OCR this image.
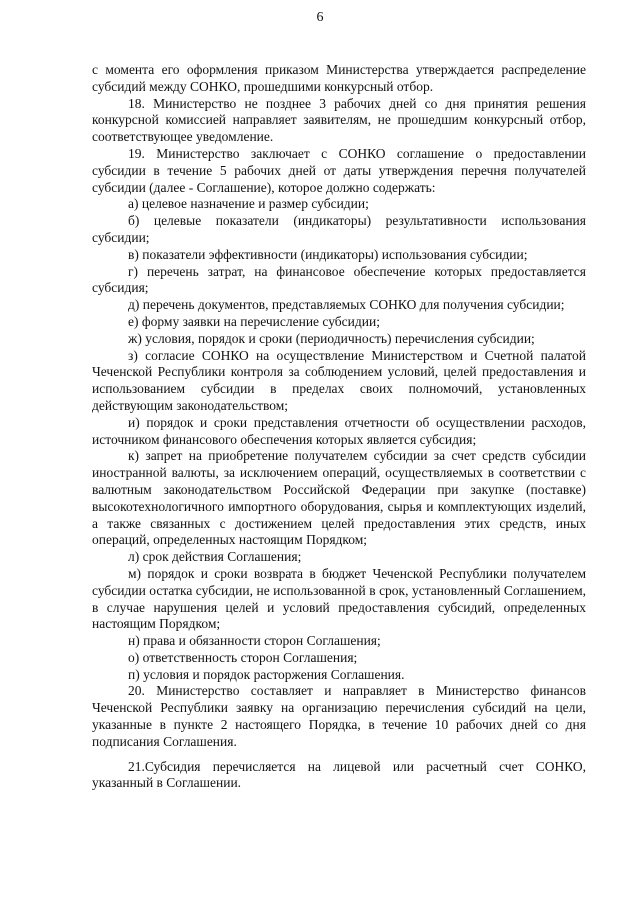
6

с момента его оформления приказом Министерства утверждается распределение субсидий между СОНКО, прошедшими конкурсный отбор.

18. Министерство не позднее 3 рабочих дней со дня принятия решения конкурсной комиссией направляет заявителям, не прошедшим конкурсный отбор, соответствующее уведомление.

19. Министерство заключает с СОНКО соглашение о предоставлении субсидии в течение 5 рабочих дней от даты утверждения перечня получателей субсидии (далее - Соглашение), которое должно содержать:

а) целевое назначение и размер субсидии;

б) целевые показатели (индикаторы) результативности использования субсидии;

в) показатели эффективности (индикаторы) использования субсидии;

г) перечень затрат, на финансовое обеспечение которых предоставляется субсидия;

д) перечень документов, представляемых СОНКО для получения субсидии;

е) форму заявки на перечисление субсидии;

ж) условия, порядок и сроки (периодичность) перечисления субсидии;

з) согласие СОНКО на осуществление Министерством и Счетной палатой Чеченской Республики контроля за соблюдением условий, целей предоставления и использованием субсидии в пределах своих полномочий, установленных действующим законодательством;

и) порядок и сроки представления отчетности об осуществлении расходов, источником финансового обеспечения которых является субсидия;

к) запрет на приобретение получателем субсидии за счет средств субсидии иностранной валюты, за исключением операций, осуществляемых в соответствии с валютным законодательством Российской Федерации при закупке (поставке) высокотехнологичного импортного оборудования, сырья и комплектующих изделий, а также связанных с достижением целей предоставления этих средств, иных операций, определенных настоящим Порядком;

л) срок действия Соглашения;

м) порядок и сроки возврата в бюджет Чеченской Республики получателем субсидии остатка субсидии, не использованной в срок, установленный Соглашением, в случае нарушения целей и условий предоставления субсидий, определенных настоящим Порядком;

н) права и обязанности сторон Соглашения;

о) ответственность сторон Соглашения;

п) условия и порядок расторжения Соглашения.

20. Министерство составляет и направляет в Министерство финансов Чеченской Республики заявку на организацию перечисления субсидий на цели, указанные в пункте 2 настоящего Порядка, в течение 10 рабочих дней со дня подписания Соглашения.

21.Субсидия перечисляется на лицевой или расчетный счет СОНКО, указанный в Соглашении.
